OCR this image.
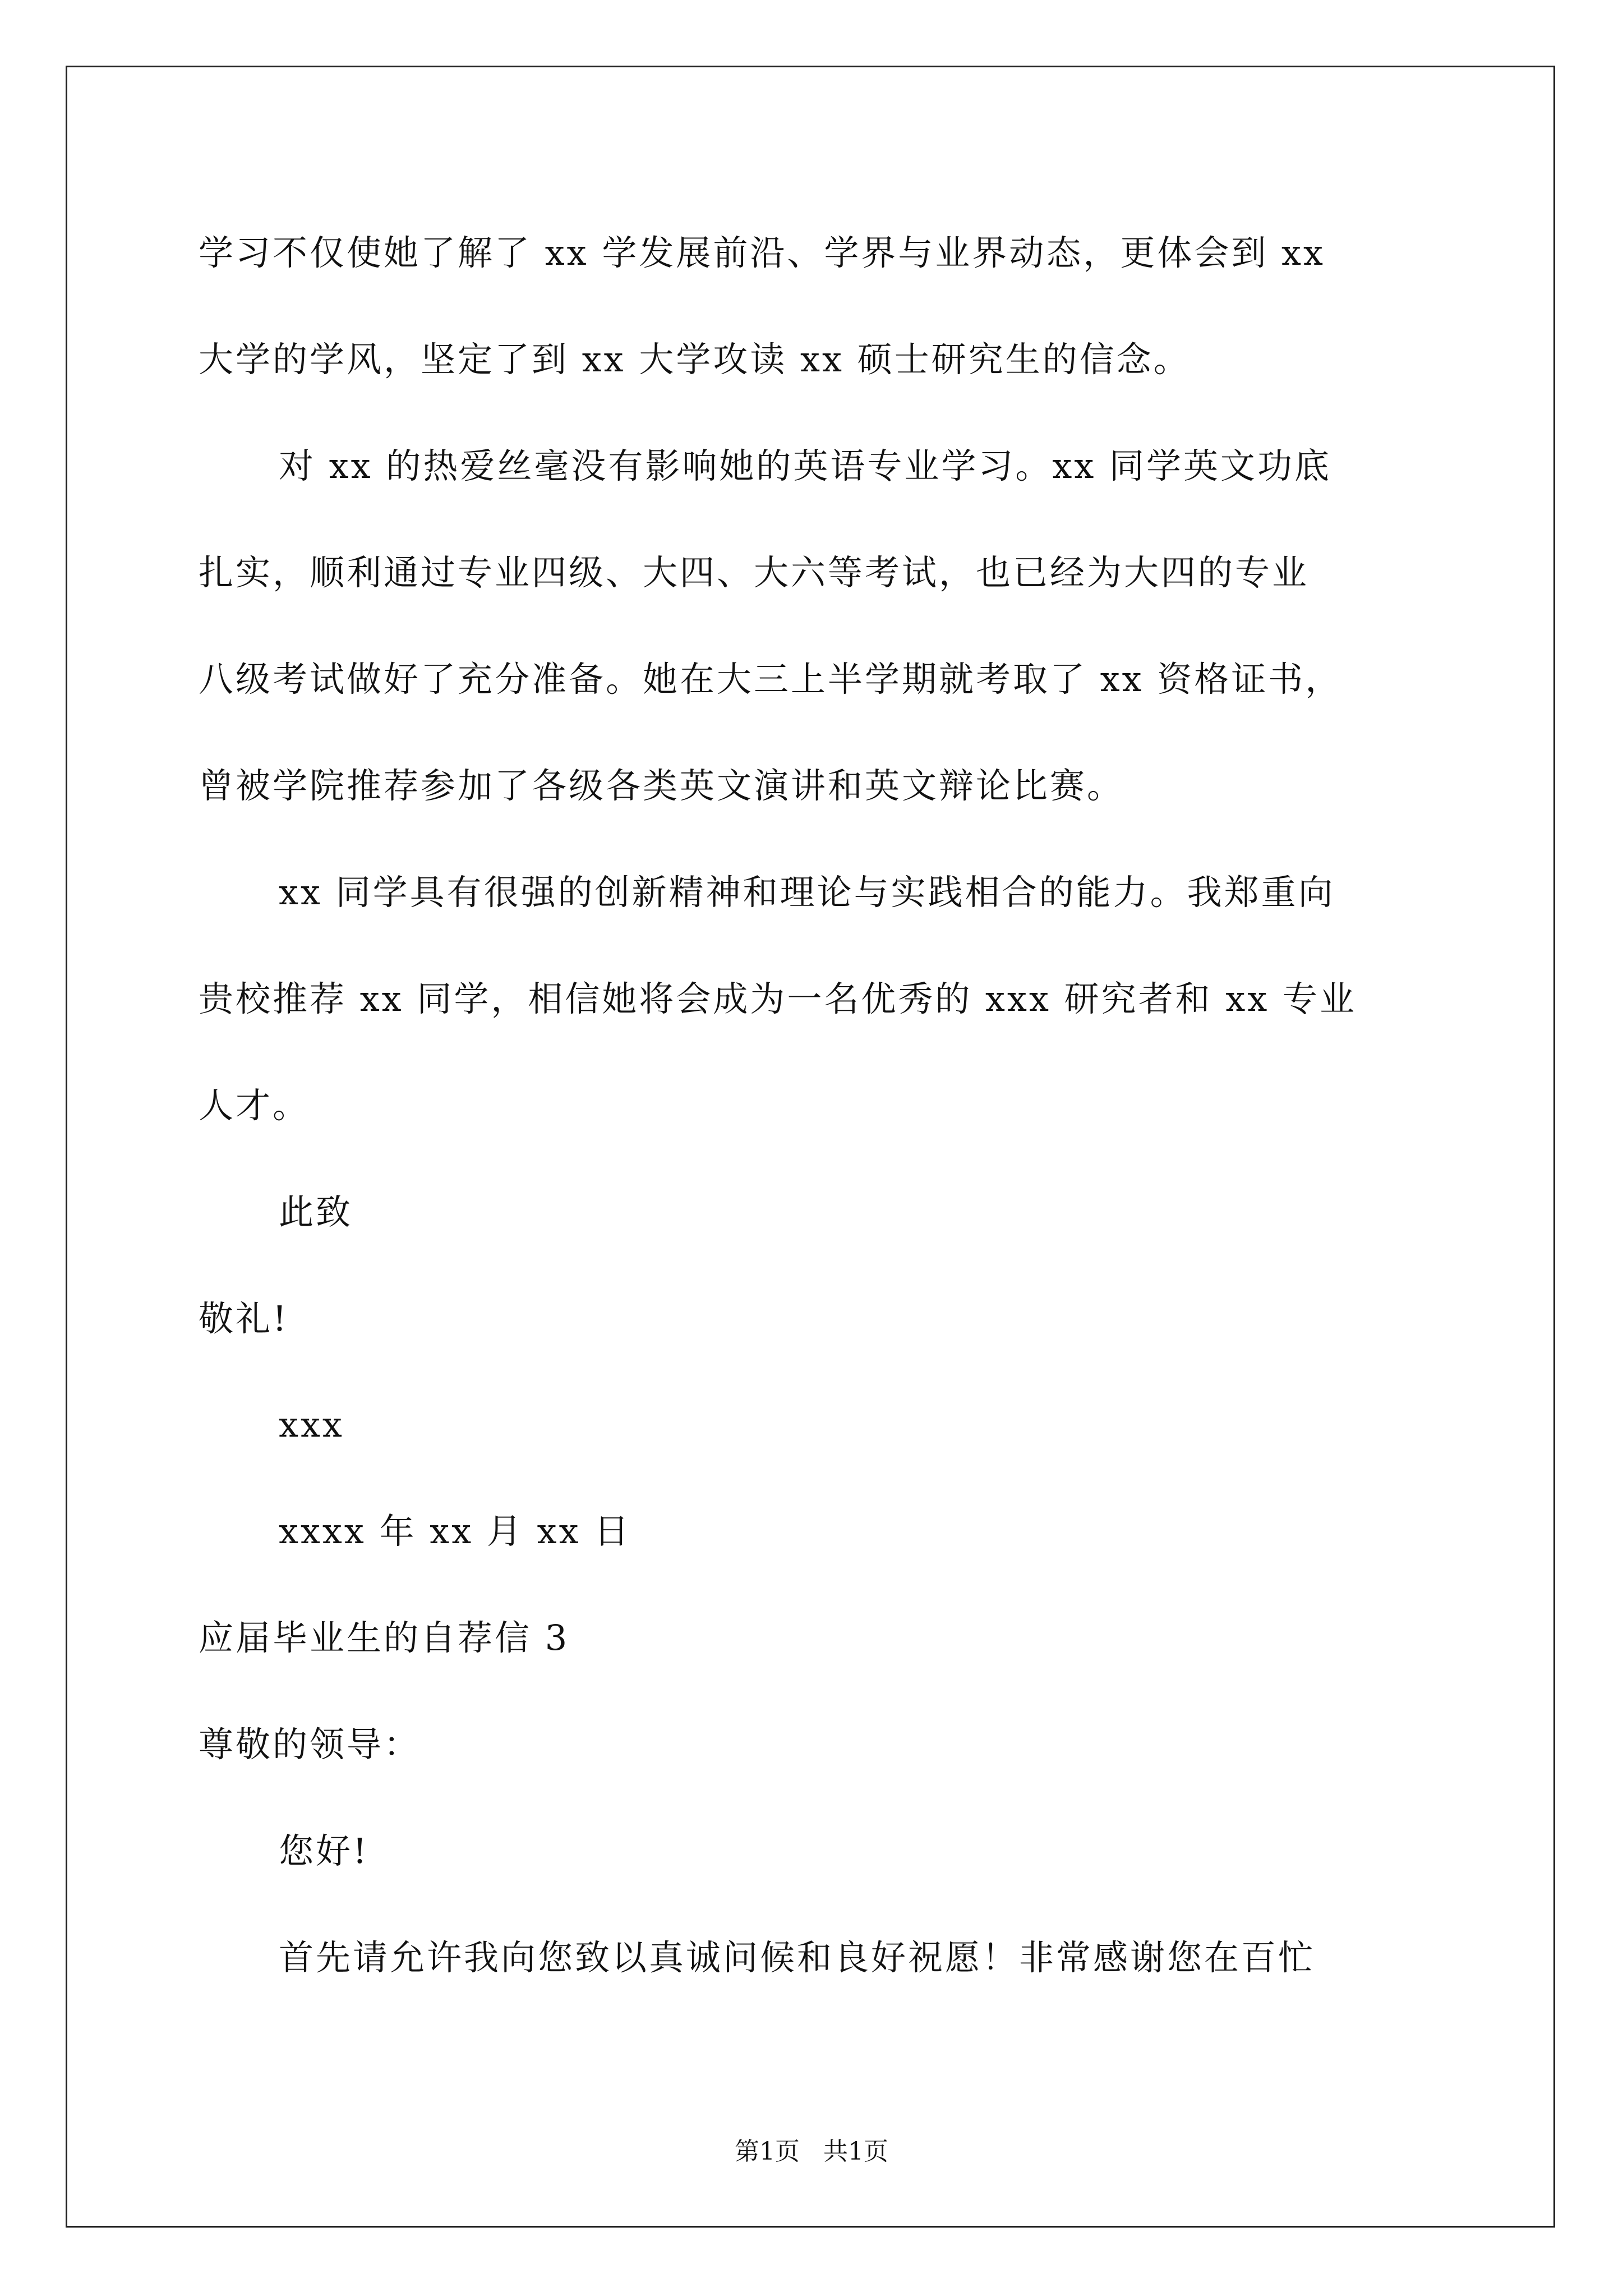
学习不仅使她了解了 xx 学发展前沿、学界与业界动态，更体会到 xx
大学的学风，坚定了到 xx 大学攻读 xx 硕士研究生的信念。
对 xx 的热爱丝毫没有影响她的英语专业学习。xx 同学英文功底
扎实，顺利通过专业四级、大四、大六等考试，也已经为大四的专业
八级考试做好了充分准备。她在大三上半学期就考取了 xx 资格证书，
曾被学院推荐参加了各级各类英文演讲和英文辩论比赛。
xx 同学具有很强的创新精神和理论与实践相合的能力。我郑重向
贵校推荐 xx 同学，相信她将会成为一名优秀的 xxx 研究者和 xx 专业
人才。
此致
敬礼!
xxx
xxxx 年 xx 月 xx 日
应届毕业生的自荐信 3
尊敬的领导：
您好!
首先请允许我向您致以真诚问候和良好祝愿！非常感谢您在百忙
第1页   共1页
